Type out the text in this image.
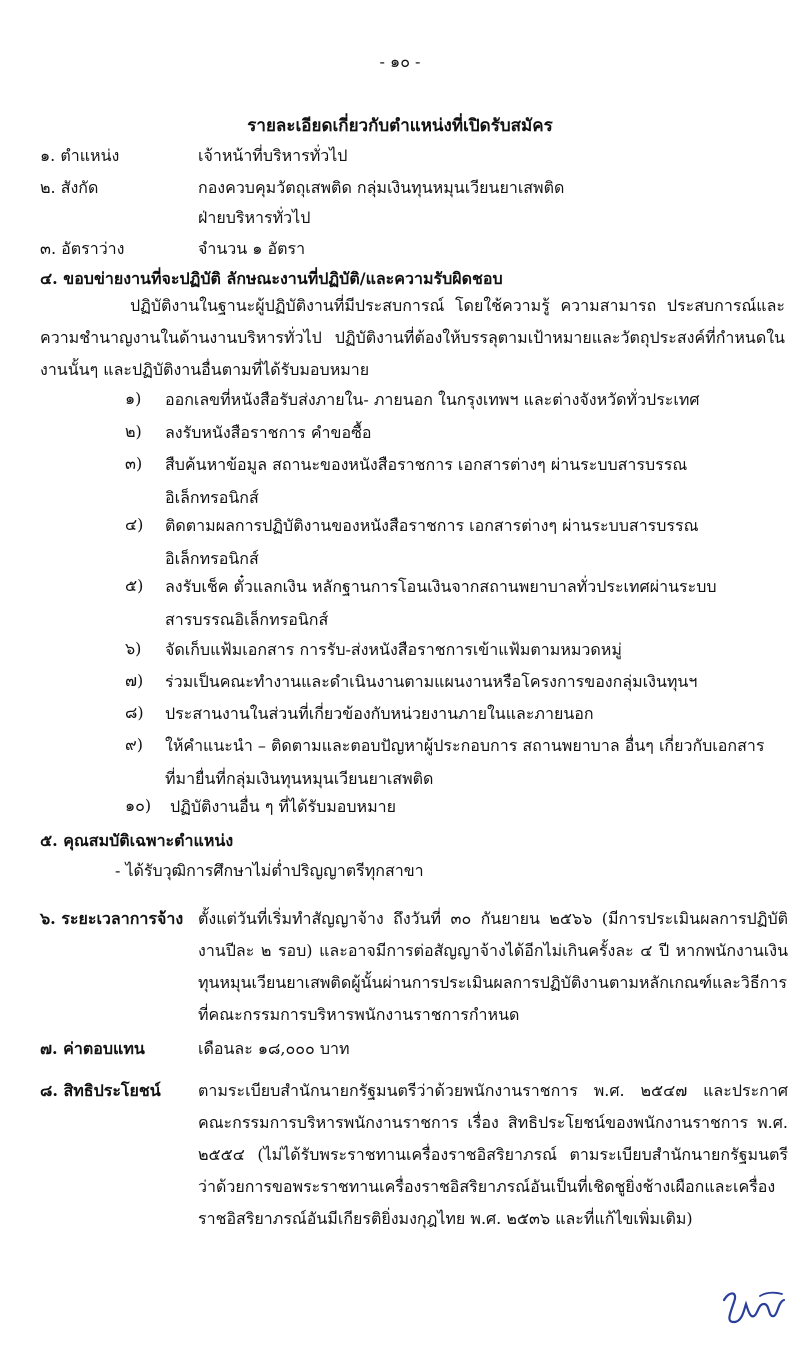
- ๑๐ -
รายละเอียดเกี่ยวกับตำแหน่งที่เปิดรับสมัคร
๑. ตำแหน่ง	เจ้าหน้าที่บริหารทั่วไป
๒. สังกัด	กองควบคุมวัตถุเสพติด กลุ่มเงินทุนหมุนเวียนยาเสพติด
ฝ่ายบริหารทั่วไป
๓. อัตราว่าง	จำนวน ๑ อัตรา
๔. ขอบข่ายงานที่จะปฏิบัติ ลักษณะงานที่ปฏิบัติ/และความรับผิดชอบ
ปฏิบัติงานในฐานะผู้ปฏิบัติงานที่มีประสบการณ์ โดยใช้ความรู้ ความสามารถ ประสบการณ์และความชำนาญงานในด้านงานบริหารทั่วไป ปฏิบัติงานที่ต้องให้บรรลุตามเป้าหมายและวัตถุประสงค์ที่กำหนดในงานนั้นๆ และปฏิบัติงานอื่นตามที่ได้รับมอบหมาย
๑)	ออกเลขที่หนังสือรับส่งภายใน- ภายนอก ในกรุงเทพฯ และต่างจังหวัดทั่วประเทศ
๒)	ลงรับหนังสือราชการ คำขอซื้อ
๓)	สืบค้นหาข้อมูล สถานะของหนังสือราชการ เอกสารต่างๆ ผ่านระบบสารบรรณอิเล็กทรอนิกส์
๔)	ติดตามผลการปฏิบัติงานของหนังสือราชการ เอกสารต่างๆ ผ่านระบบสารบรรณอิเล็กทรอนิกส์
๕)	ลงรับเช็ค ตั๋วแลกเงิน หลักฐานการโอนเงินจากสถานพยาบาลทั่วประเทศผ่านระบบสารบรรณอิเล็กทรอนิกส์
๖)	จัดเก็บแฟ้มเอกสาร การรับ-ส่งหนังสือราชการเข้าแฟ้มตามหมวดหมู่
๗)	ร่วมเป็นคณะทำงานและดำเนินงานตามแผนงานหรือโครงการของกลุ่มเงินทุนฯ
๘)	ประสานงานในส่วนที่เกี่ยวข้องกับหน่วยงานภายในและภายนอก
๙)	ให้คำแนะนำ – ติดตามและตอบปัญหาผู้ประกอบการ สถานพยาบาล อื่นๆ เกี่ยวกับเอกสารที่มายื่นที่กลุ่มเงินทุนหมุนเวียนยาเสพติด
๑๐)	ปฏิบัติงานอื่น ๆ ที่ได้รับมอบหมาย
๕. คุณสมบัติเฉพาะตำแหน่ง
- ได้รับวุฒิการศึกษาไม่ต่ำปริญญาตรีทุกสาขา
๖. ระยะเวลาการจ้าง ตั้งแต่วันที่เริ่มทำสัญญาจ้าง ถึงวันที่ ๓๐ กันยายน ๒๕๖๖ (มีการประเมินผลการปฏิบัติงานปีละ ๒ รอบ) และอาจมีการต่อสัญญาจ้างได้อีกไม่เกินครั้งละ ๔ ปี หากพนักงานเงินทุนหมุนเวียนยาเสพติดผู้นั้นผ่านการประเมินผลการปฏิบัติงานตามหลักเกณฑ์และวิธีการที่คณะกรรมการบริหารพนักงานราชการกำหนด
๗. ค่าตอบแทน	เดือนละ ๑๘,๐๐๐ บาท
๘. สิทธิประโยชน์ ตามระเบียบสำนักนายกรัฐมนตรีว่าด้วยพนักงานราชการ พ.ศ. ๒๕๔๗ และประกาศคณะกรรมการบริหารพนักงานราชการ เรื่อง สิทธิประโยชน์ของพนักงานราชการ พ.ศ. ๒๕๕๔ (ไม่ได้รับพระราชทานเครื่องราชอิสริยาภรณ์ ตามระเบียบสำนักนายกรัฐมนตรีว่าด้วยการขอพระราชทานเครื่องราชอิสริยาภรณ์อันเป็นที่เชิดชูยิ่งช้างเผือกและเครื่องราชอิสริยาภรณ์อันมีเกียรติยิ่งมงกุฎไทย พ.ศ. ๒๕๓๖ และที่แก้ไขเพิ่มเติม)
